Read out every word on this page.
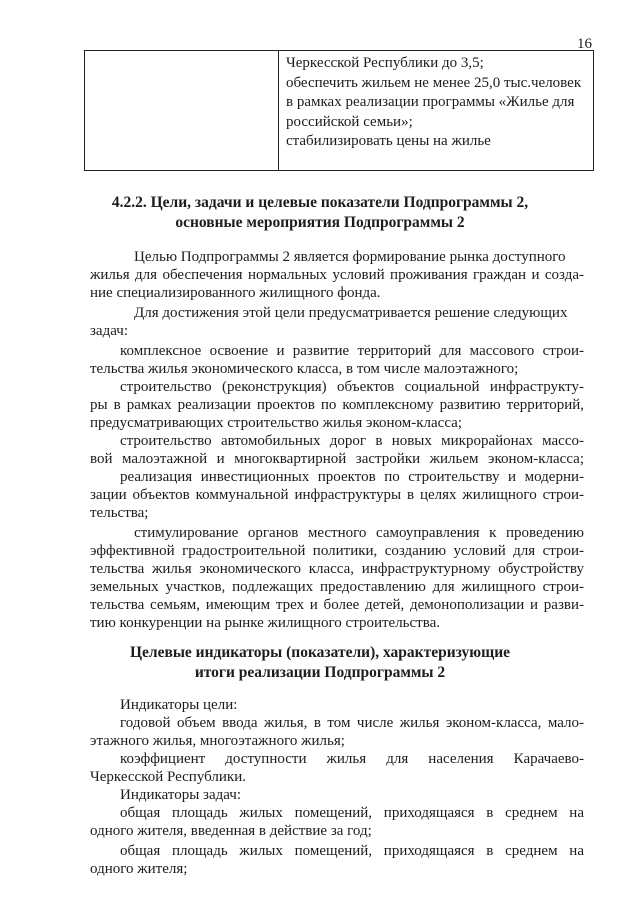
16
Черкесской Республики до 3,5;
обеспечить жильем не менее 25,0 тыс.человек
в рамках реализации программы «Жилье для
российской семьи»;
стабилизировать цены на жилье
4.2.2. Цели, задачи и целевые показатели Подпрограммы 2,
основные мероприятия Подпрограммы 2
Целью Подпрограммы 2 является формирование рынка доступного
жилья для обеспечения нормальных условий проживания граждан и созда-
ние специализированного жилищного фонда.
Для достижения этой цели предусматривается решение следующих
задач:
комплексное освоение и развитие территорий для массового строи-
тельства жилья экономического класса, в том числе малоэтажного;
строительство (реконструкция) объектов социальной инфраструкту-
ры в рамках реализации проектов по комплексному развитию территорий,
предусматривающих строительство жилья эконом-класса;
строительство автомобильных дорог в новых микрорайонах массо-
вой малоэтажной и многоквартирной застройки жильем эконом-класса;
реализация инвестиционных проектов по строительству и модерни-
зации объектов коммунальной инфраструктуры в целях жилищного строи-
тельства;
стимулирование органов местного самоуправления к проведению
эффективной градостроительной политики, созданию условий для строи-
тельства жилья экономического класса, инфраструктурному обустройству
земельных участков, подлежащих предоставлению для жилищного строи-
тельства семьям, имеющим трех и более детей, демонополизации и разви-
тию конкуренции на рынке жилищного строительства.
Целевые индикаторы (показатели), характеризующие
итоги реализации Подпрограммы 2
Индикаторы цели:
годовой объем ввода жилья, в том числе жилья эконом-класса, мало-
этажного жилья, многоэтажного жилья;
коэффициент доступности жилья для населения Карачаево-
Черкесской Республики.
Индикаторы задач:
общая площадь жилых помещений, приходящаяся в среднем на
одного жителя, введенная в действие за год;
общая площадь жилых помещений, приходящаяся в среднем на
одного жителя;
